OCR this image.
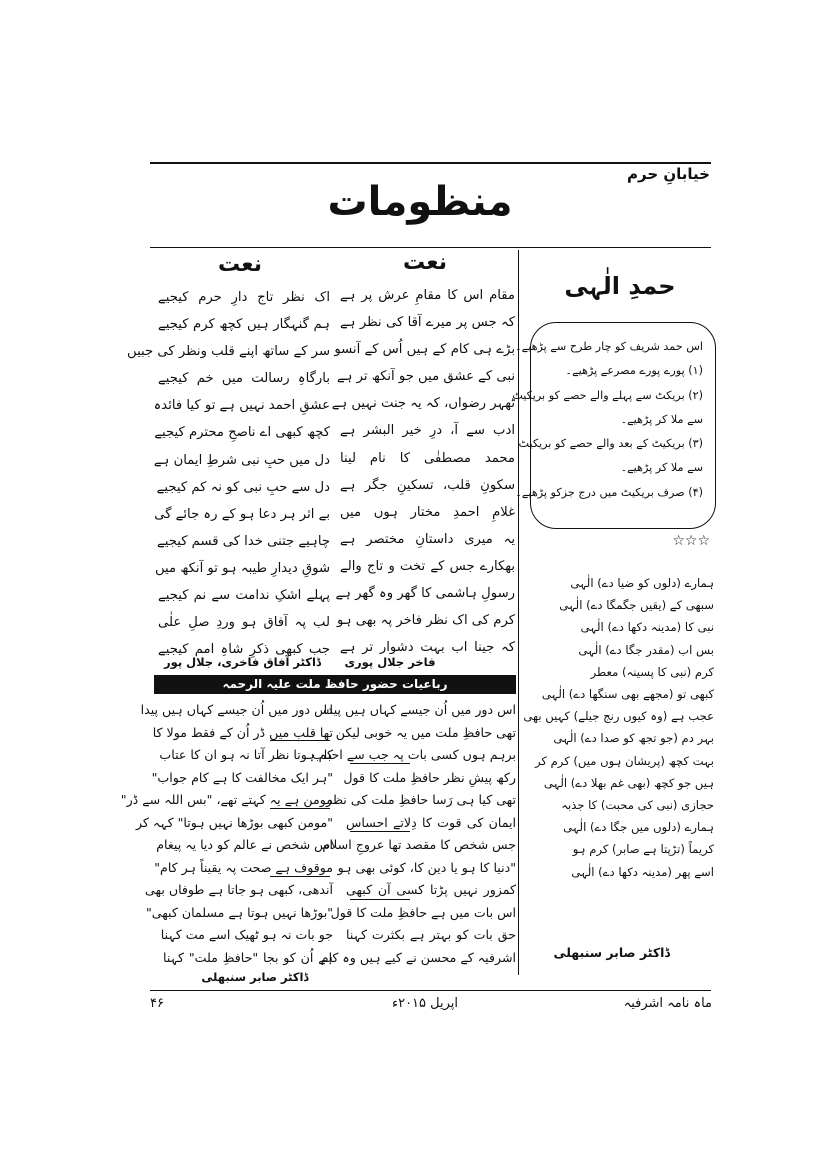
خیابانِ حرم
منظومات
نعت
مقام اس کا مقامِ عرش پر ہے
کہ جس پر میرے آقا کی نظر ہے
بڑے ہی کام کے ہیں اُس کے آنسو
نبی کے عشق میں جو آنکھ تر ہے
ٹھہر رضواں، کہ یہ جنت نہیں ہے
ادب سے آ، درِ خیر البشر ہے
محمد مصطفٰی کا نام لینا
سکونِ قلب، تسکینِ جگر ہے
غلامِ احمدِ مختار ہوں میں
یہ میری داستانِ مختصر ہے
بھکارے جس کے تخت و تاج والے
رسولِ ہاشمی کا گھر وہ گھر ہے
کرم کی اک نظر فاخر پہ بھی ہو
کہ جینا اب بہت دشوار تر ہے
فاخر جلال پوری
نعت
اک نظر تاج دارِ حرم کیجیے
ہم گنہگار ہیں کچھ کرم کیجیے
سر کے ساتھ اپنے قلب ونظر کی جبیں
بارگاہِ رسالت میں خم کیجیے
عشقِ احمد نہیں ہے تو کیا فائدہ
کچھ کبھی اے ناصحِ محترم کیجیے
دل میں حبِ نبی شرطِ ایمان ہے
دل سے حبِ نبی کو نہ کم کیجیے
بے اثر ہر دعا ہو کے رہ جائے گی
چاہیے جتنی خدا کی قسم کیجیے
شوقِ دیدارِ طیبہ ہو تو آنکھ میں
پہلے اشکِ ندامت سے نم کیجیے
لب پہ آفاق ہو وردِ صلِ علٰی
جب کبھی ذکرِ شاہِ امم کیجیے
ڈاکٹر آفاق فاخری، جلال پور
رباعیات حضور حافظ ملت علیہ الرحمہ
اس دور میں اُن جیسے کہاں ہیں پیدا
تھی حافظِ ملت میں یہ خوبی لیکن
برہم ہوں کسی بات پہ جب سے احباب
رکھ پیشِ نظر حافظِ ملت کا قول
تھی کیا ہی رَسا حافظِ ملت کی نظر
ایمان کی قوت کا دِلاتے احساس
جس شخص کا مقصد تھا عروجِ اسلام
"دنیا کا ہو یا دین کا، کوئی بھی ہو
کمزور نہیں پڑتا کسی آن کبھی
اس بات میں ہے حافظِ ملت کا قول
حق بات کو بہتر ہے بکثرت کہنا
اشرفیہ کے محسن نے کیے ہیں وہ کام
اس دور میں اُن جیسے کہاں ہیں پیدا
تھا قلب میں ڈر اُن کے فقط مولا کا
کم ہوتا نظر آتا نہ ہو ان کا عتاب
"ہر ایک مخالفت کا ہے کام جواب"
مومن ہے یہ کہتے تھے، "بس اللہ سے ڈر"
"مومن کبھی بوڑھا نہیں ہوتا" کہہ کر
اس شخص نے عالم کو دیا یہ پیغام
موقوف ہے صحت پہ یقیناً ہر کام"
آندھی، کبھی ہو جاتا ہے طوفاں بھی
"بوڑھا نہیں ہوتا ہے مسلمان کبھی"
جو بات نہ ہو ٹھیک اسے مت کہنا
ہے اُن کو بجا "حافظِ ملت" کہنا
ڈاکٹر صابر سنبھلی
حمدِ الٰہی
اس حمد شریف کو چار طرح سے پڑھیے۔
(۱) پورے پورے مصرعے پڑھیے۔
(۲) بریکٹ سے پہلے والے حصے کو بریکیٹ
سے ملا کر پڑھیے۔
(۳) بریکیٹ کے بعد والے حصے کو بریکیٹ
سے ملا کر پڑھیے۔
(۴) صرف بریکیٹ میں درج جزکو پڑھیے۔
☆☆☆
ہمارے (دلوں کو ضیا دے) الٰہی
سبھی کے (یقیں جگمگا دے) الٰہی
نبی کا (مدینہ دکھا دے) الٰہی
بس اب (مقدر جگا دے) الٰہی
کرم (نبی کا پسینہ) معطر
کبھی تو (مجھے بھی سنگھا دے) الٰہی
عجب ہے (وہ کیوں رنج جیلے) کہیں بھی
بہر دم (جو تجھ کو صدا دے) الٰہی
بہت کچھ (پریشان ہوں میں) کرم کر
ہیں جو کچھ (بھی غم بھلا دے) الٰہی
حجازی (نبی کی محبت) کا جذبہ
ہمارے (دلوں میں جگا دے) الٰہی
کریماً (تڑپتا ہے صابر) کرم ہو
اسے پھر (مدینہ دکھا دے) الٰہی
ڈاکٹر صابر سنبھلی
ماہ نامہ اشرفیہ
اپریل ۲۰۱۵ء
۴۶
